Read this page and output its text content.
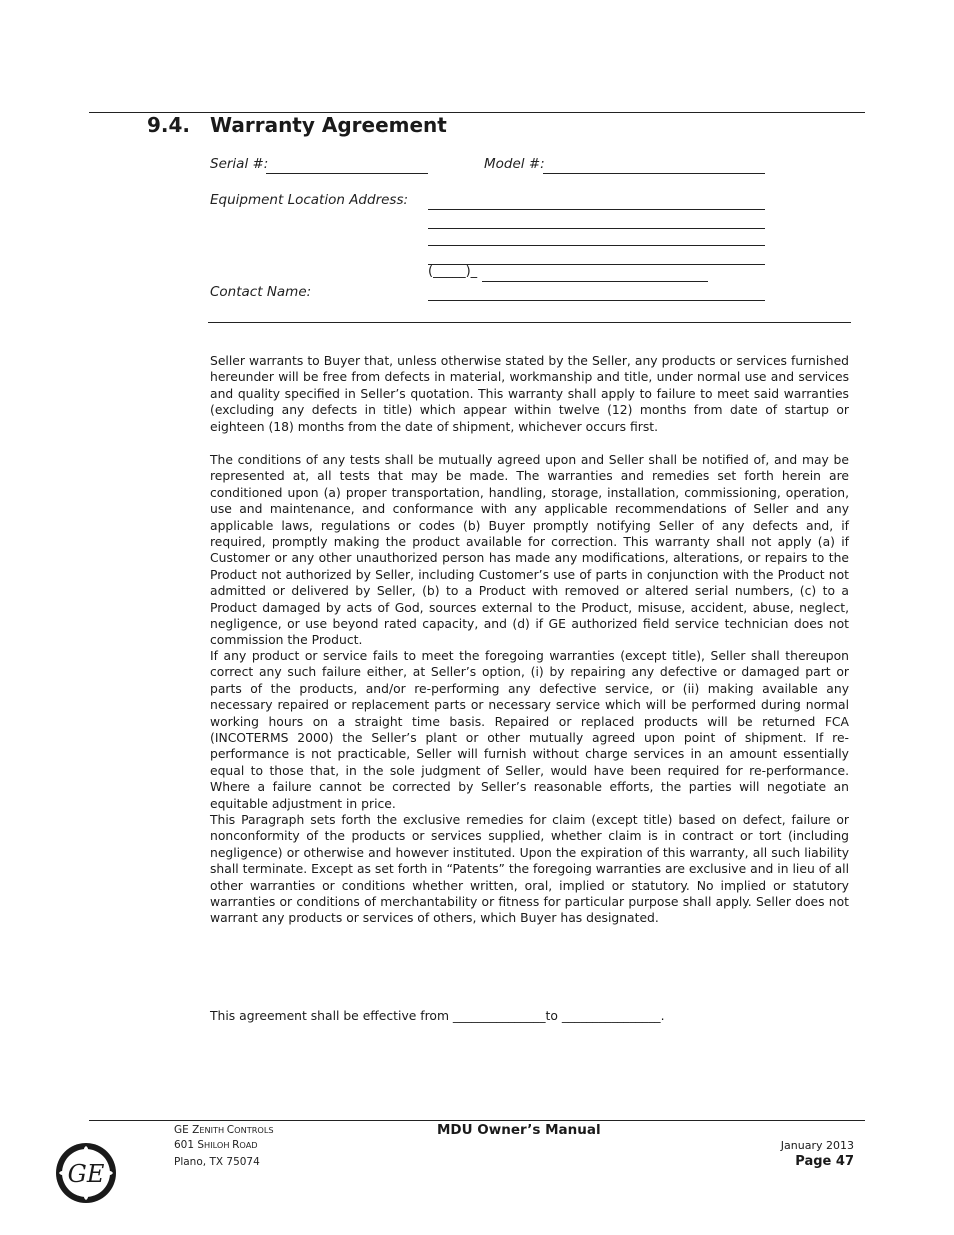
9.4. Warranty Agreement
Serial #:	Model #:
Equipment Location Address:
(_____)_
Contact Name:
Seller warrants to Buyer that, unless otherwise stated by the Seller, any products or services furnished hereunder will be free from defects in material, workmanship and title, under normal use and services and quality specified in Seller’s quotation. This warranty shall apply to failure to meet said warranties (excluding any defects in title) which appear within twelve (12) months from date of startup or eighteen (18) months from the date of shipment, whichever occurs first.
The conditions of any tests shall be mutually agreed upon and Seller shall be notified of, and may be represented at, all tests that may be made. The warranties and remedies set forth herein are conditioned upon (a) proper transportation, handling, storage, installation, commissioning, operation, use and maintenance, and conformance with any applicable recommendations of Seller and any applicable laws, regulations or codes (b) Buyer promptly notifying Seller of any defects and, if required, promptly making the product available for correction. This warranty shall not apply (a) if Customer or any other unauthorized person has made any modifications, alterations, or repairs to the Product not authorized by Seller, including Customer’s use of parts in conjunction with the Product not admitted or delivered by Seller, (b) to a Product with removed or altered serial numbers, (c) to a Product damaged by acts of God, sources external to the Product, misuse, accident, abuse, neglect, negligence, or use beyond rated capacity, and (d) if GE authorized field service technician does not commission the Product.
If any product or service fails to meet the foregoing warranties (except title), Seller shall thereupon correct any such failure either, at Seller’s option, (i) by repairing any defective or damaged part or parts of the products, and/or re-performing any defective service, or (ii) making available any necessary repaired or replacement parts or necessary service which will be performed during normal working hours on a straight time basis. Repaired or replaced products will be returned FCA (INCOTERMS 2000) the Seller’s plant or other mutually agreed upon point of shipment. If re-performance is not practicable, Seller will furnish without charge services in an amount essentially equal to those that, in the sole judgment of Seller, would have been required for re-performance. Where a failure cannot be corrected by Seller’s reasonable efforts, the parties will negotiate an equitable adjustment in price.
This Paragraph sets forth the exclusive remedies for claim (except title) based on defect, failure or nonconformity of the products or services supplied, whether claim is in contract or tort (including negligence) or otherwise and however instituted. Upon the expiration of this warranty, all such liability shall terminate. Except as set forth in “Patents” the foregoing warranties are exclusive and in lieu of all other warranties or conditions whether written, oral, implied or statutory. No implied or statutory warranties or conditions of merchantability or fitness for particular purpose shall apply. Seller does not warrant any products or services of others, which Buyer has designated.
This agreement shall be effective from _______________to ________________.
GE ZENITH CONTROLS
601 SHILOH ROAD
Plano, TX 75074
MDU Owner’s Manual
January 2013
Page 47
GE
